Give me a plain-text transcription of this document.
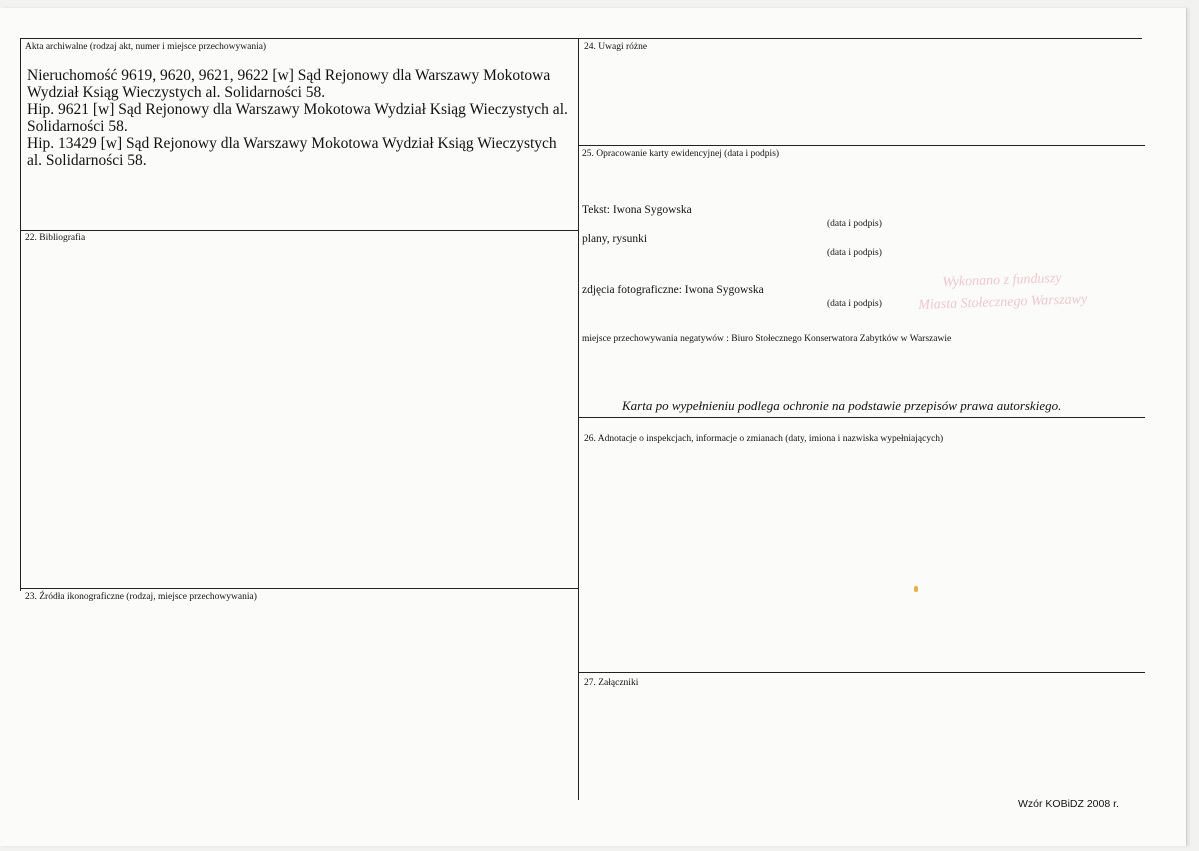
Akta archiwalne (rodzaj akt, numer i miejsce przechowywania)
Nieruchomość 9619, 9620, 9621, 9622 [w] Sąd Rejonowy dla Warszawy Mokotowa
Wydział Ksiąg Wieczystych al. Solidarności 58.
Hip. 9621 [w] Sąd Rejonowy dla Warszawy Mokotowa Wydział Ksiąg Wieczystych al.
Solidarności 58.
Hip. 13429 [w] Sąd Rejonowy dla Warszawy Mokotowa Wydział Ksiąg Wieczystych
al. Solidarności 58.
22. Bibliografia
23. Źródła ikonograficzne (rodzaj, miejsce przechowywania)
24. Uwagi różne
25. Opracowanie karty ewidencyjnej (data i podpis)
Tekst: Iwona Sygowska
(data i podpis)
plany, rysunki
(data i podpis)
zdjęcia fotograficzne: Iwona Sygowska
(data i podpis)
miejsce przechowywania negatywów : Biuro Stołecznego Konserwatora Zabytków w Warszawie
Wykonano z funduszy
Miasta Stołecznego Warszawy
Karta po wypełnieniu podlega ochronie na podstawie przepisów prawa autorskiego.
26. Adnotacje o inspekcjach, informacje o zmianach (daty, imiona i nazwiska wypełniających)
27. Załączniki
Wzór KOBiDZ 2008 r.
